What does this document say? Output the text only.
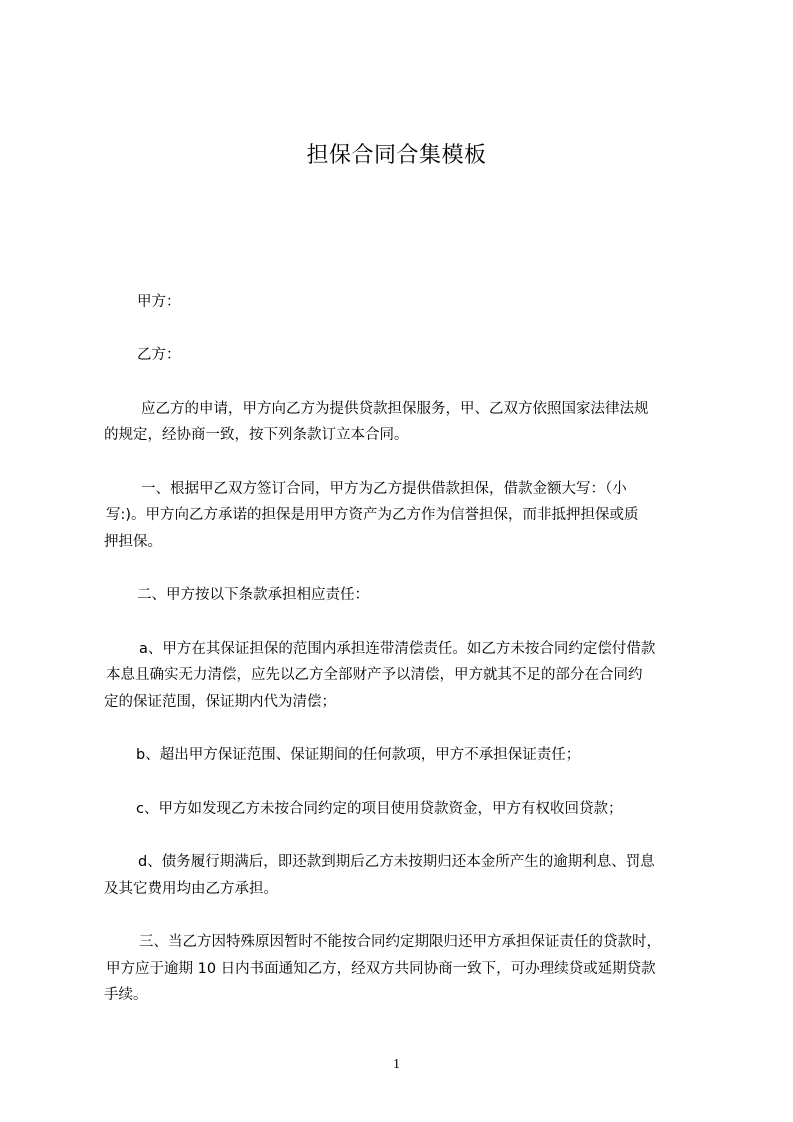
担保合同合集模板
甲方：
乙方：
应乙方的申请，甲方向乙方为提供贷款担保服务，甲、乙双方依照国家法律法规
的规定，经协商一致，按下列条款订立本合同。
一、根据甲乙双方签订合同，甲方为乙方提供借款担保，借款金额大写：（小
写:)。甲方向乙方承诺的担保是用甲方资产为乙方作为信誉担保，而非抵押担保或质
押担保。
二、甲方按以下条款承担相应责任：
a、甲方在其保证担保的范围内承担连带清偿责任。如乙方未按合同约定偿付借款
本息且确实无力清偿，应先以乙方全部财产予以清偿，甲方就其不足的部分在合同约
定的保证范围，保证期内代为清偿；
b、超出甲方保证范围、保证期间的任何款项，甲方不承担保证责任；
c、甲方如发现乙方未按合同约定的项目使用贷款资金，甲方有权收回贷款；
d、债务履行期满后，即还款到期后乙方未按期归还本金所产生的逾期利息、罚息
及其它费用均由乙方承担。
三、当乙方因特殊原因暂时不能按合同约定期限归还甲方承担保证责任的贷款时，
甲方应于逾期 10 日内书面通知乙方，经双方共同协商一致下，可办理续贷或延期贷款
手续。
1
